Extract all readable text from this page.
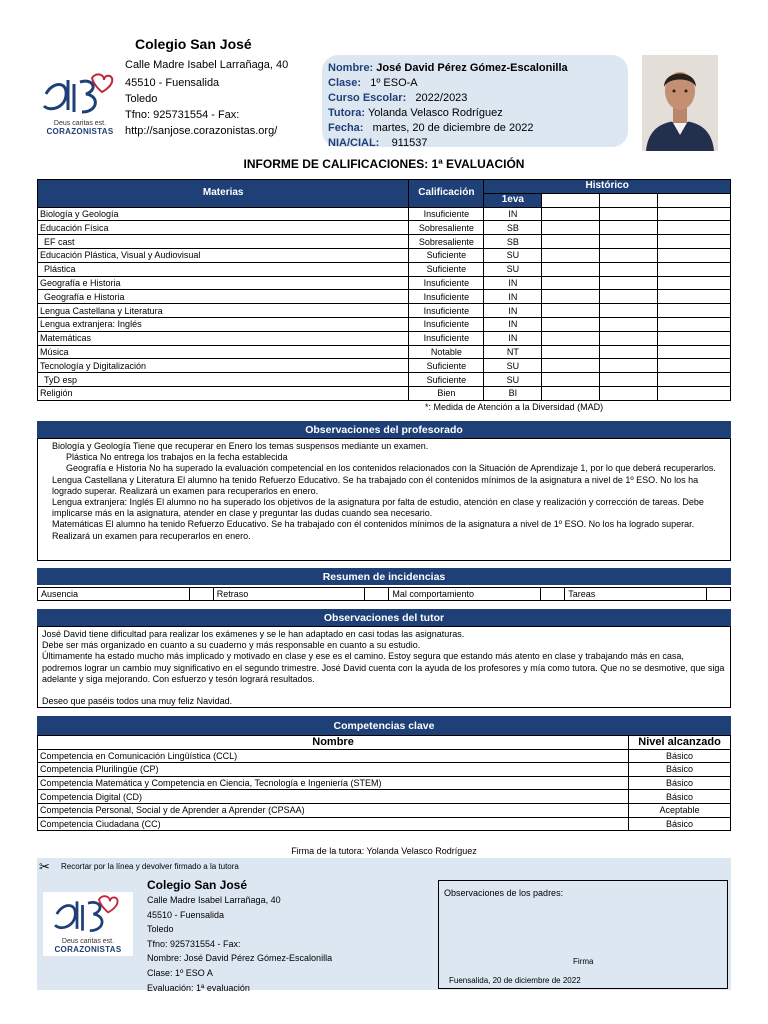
Colegio San José
Calle Madre Isabel Larrañaga, 40
45510 - Fuensalida
Toledo
Tfno: 925731554 - Fax:
http://sanjose.corazonistas.org/
Deus caritas est.
CORAZONISTAS
Nombre: José David Pérez Gómez-Escalonilla
Clase: 1º ESO-A
Curso Escolar: 2022/2023
Tutora: Yolanda Velasco Rodríguez
Fecha: martes, 20 de diciembre de 2022
NIA/CIAL: 911537
INFORME DE CALIFICACIONES: 1ª EVALUACIÓN
Materias	Calificación	Histórico			
		1eva			
Biología y Geología	Insuficiente	IN			
Educación Física	Sobresaliente	SB			
EF cast	Sobresaliente	SB			
Educación Plástica, Visual y Audiovisual	Suficiente	SU			
Plástica	Suficiente	SU			
Geografía e Historia	Insuficiente	IN			
Geografía e Historia	Insuficiente	IN			
Lengua Castellana y Literatura	Insuficiente	IN			
Lengua extranjera: Inglés	Insuficiente	IN			
Matemáticas	Insuficiente	IN			
Música	Notable	NT			
Tecnología y Digitalización	Suficiente	SU			
TyD esp	Suficiente	SU			
Religión	Bien	BI			
*: Medida de Atención a la Diversidad (MAD)
Observaciones del profesorado

Biología y Geología Tiene que recuperar en Enero los temas suspensos mediante un examen.

Plástica No entrega los trabajos en la fecha establecida

Geografía e Historia No ha superado la evaluación competencial en los contenidos relacionados con la Situación de Aprendizaje 1, por lo que deberá recuperarlos.

Lengua Castellana y Literatura El alumno ha tenido Refuerzo Educativo. Se ha trabajado con él contenidos mínimos de la asignatura a nivel de 1º ESO. No los ha logrado superar. Realizará un examen para recuperarlos en enero.

Lengua extranjera: Inglés El alumno no ha superado los objetivos de la asignatura por falta de estudio, atención en clase y realización y corrección de tareas. Debe implicarse más en la asignatura, atender en clase y preguntar las dudas cuando sea necesario.

Matemáticas El alumno ha tenido Refuerzo Educativo. Se ha trabajado con él contenidos mínimos de la asignatura a nivel de 1º ESO. No los ha logrado superar. Realizará un examen para recuperarlos en enero.

Resumen de incidencias
Ausencia		Retraso		Mal comportamiento		Tareas	
Observaciones del tutor

José David tiene dificultad para realizar los exámenes y se le han adaptado en casi todas las asignaturas.

Debe ser más organizado en cuanto a su cuaderno y más responsable en cuanto a su estudio.

Últimamente ha estado mucho más implicado y motivado en clase y ese es el camino. Estoy segura que estando más atento en clase y trabajando más en casa, podremos lograr un cambio muy significativo en el segundo trimestre. José David cuenta con la ayuda de los profesores y mía como tutora. Que no se desmotive, que siga adelante y siga mejorando. Con esfuerzo y tesón logrará resultados.

Deseo que paséis todos una muy feliz Navidad.

Competencias clave
Nombre	Nivel alcanzado
Competencia en Comunicación Lingüística (CCL)	Básico
Competencia Plurilingüe (CP)	Básico
Competencia Matemática y Competencia en Ciencia, Tecnología e Ingeniería (STEM)	Básico
Competencia Digital (CD)	Básico
Competencia Personal, Social y de Aprender a Aprender (CPSAA)	Aceptable
Competencia Ciudadana (CC)	Básico
Firma de la tutora: Yolanda Velasco Rodríguez
✂ Recortar por la línea y devolver firmado a la tutora
Deus caritas est.
CORAZONISTAS
Colegio San José
Calle Madre Isabel Larrañaga, 40
45510 - Fuensalida
Toledo
Tfno: 925731554 - Fax:
Nombre: José David Pérez Gómez-Escalonilla
Clase: 1º ESO A
Evaluación: 1ª evaluación
Observaciones de los padres:
Firma
Fuensalida, 20 de diciembre de 2022
